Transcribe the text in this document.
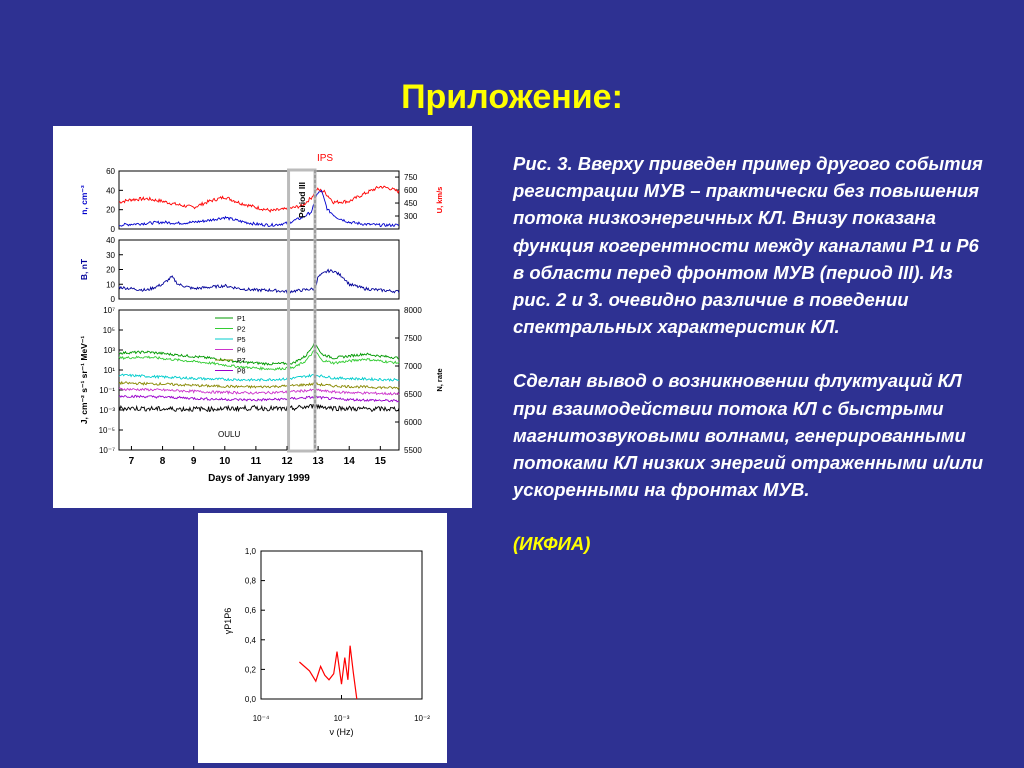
Приложение:
0
20
40
60
300
450
600
750
n, cm⁻³	U, km/s
0
10
20
30
40
B, nT
10⁻⁷
10⁻⁵
10⁻³
10⁻¹
10¹
10³
10⁵
10⁷
5500
6000
6500
7000
7500
8000
J, cm⁻² s⁻¹ sr⁻¹ MeV⁻¹	N, rate
P1
P2
P5
P6
P7
P8
OULU
Period III
IPS
7	8	9 10 11 12 13 14 15
Days of Janyary 1999
0,0
0,2
0,4
0,6
0,8
1,0
10⁻⁴	10⁻³	10⁻²
ν (Hz)
γP1P6

Рис. 3. Вверху приведен пример другого события регистрации МУВ – практически без повышения потока низкоэнергичных КЛ. Внизу показана функция когерентности между каналами P1 и P6 в области перед фронтом МУВ (период III). Из рис. 2 и 3. очевидно различие в поведении спектральных характеристик КЛ.

Сделан вывод о возникновении флуктуаций КЛ при взаимодействии потока КЛ с быстрыми магнитозвуковыми волнами, генерированными потоками КЛ низких энергий отраженными и/или ускоренными на фронтах МУВ.

(ИКФИА)
